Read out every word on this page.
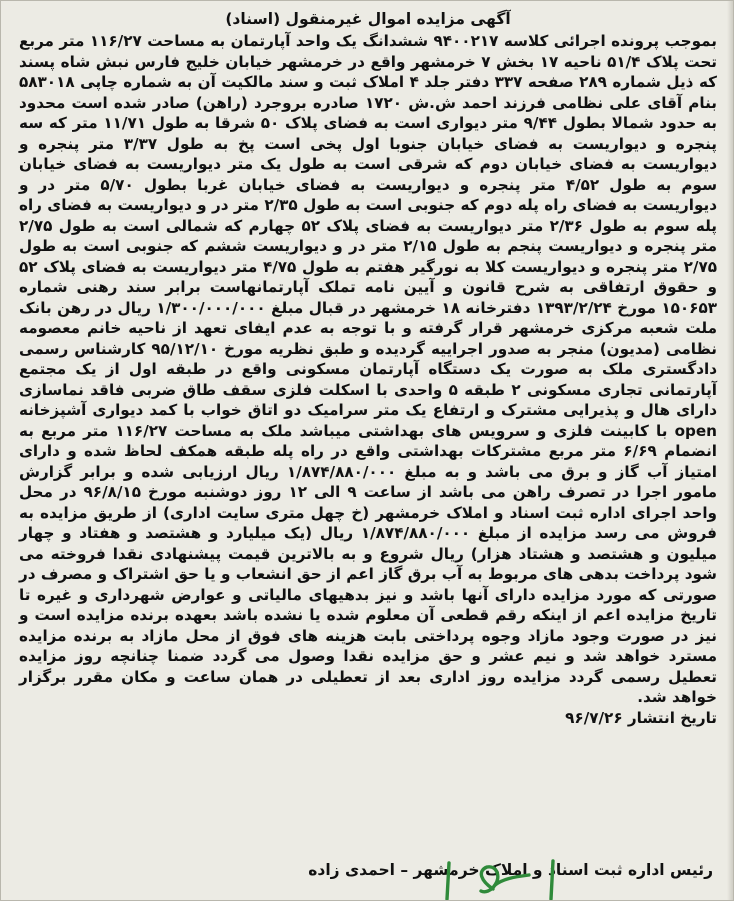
آگهی مزایده اموال غیرمنقول (اسناد)

بموجب پرونده اجرائی کلاسه ۹۴۰۰۲۱۷ ششدانگ یک واحد آپارتمان به مساحت ۱۱۶/۲۷ متر مربع تحت پلاک ۵۱/۴ ناحیه ۱۷ بخش ۷ خرمشهر واقع در خرمشهر خیابان خلیج فارس نبش شاه پسند که ذیل شماره ۲۸۹ صفحه ۳۳۷ دفتر جلد ۴ املاک ثبت و سند مالکیت آن به شماره چاپی ۵۸۳۰۱۸ بنام آقای علی نظامی فرزند احمد ش.ش ۱۷۲۰ صادره بروجرد (راهن) صادر شده است محدود به حدود شمالا بطول ۹/۴۴ متر دیواری است به فضای پلاک ۵۰ شرقا به طول ۱۱/۷۱ متر که سه پنجره و دیواریست به فضای خیابان جنوبا اول پخی است پخ به طول ۳/۳۷ متر پنجره و دیواریست به فضای خیابان دوم که شرقی است به طول یک متر دیواریست به فضای خیابان سوم به طول ۴/۵۲ متر پنجره و دیواریست به فضای خیابان غربا بطول ۵/۷۰ متر در و دیواریست به فضای راه پله دوم که جنوبی است به طول ۲/۳۵ متر در و دیواریست به فضای راه پله سوم به طول ۲/۳۶ متر دیواریست به فضای پلاک ۵۲ چهارم که شمالی است به طول ۲/۷۵ متر پنجره و دیواریست پنجم به طول ۲/۱۵ متر در و دیواریست ششم که جنوبی است به طول ۲/۷۵ متر پنجره و دیواریست کلا به نورگیر هفتم به طول ۴/۷۵ متر دیواریست به فضای پلاک ۵۲ و حقوق ارتفاقی به شرح قانون و آیین نامه تملک آپارتمانهاست برابر سند رهنی شماره ۱۵۰۶۵۳ مورخ ۱۳۹۳/۲/۲۴ دفترخانه ۱۸ خرمشهر در قبال مبلغ ۱/۳۰۰/۰۰۰/۰۰۰ ریال در رهن بانک ملت شعبه مرکزی خرمشهر قرار گرفته و با توجه به عدم ایفای تعهد از ناحیه خانم معصومه نظامی (مدیون) منجر به صدور اجراییه گردیده و طبق نظریه مورخ ۹۵/۱۲/۱۰ کارشناس رسمی دادگستری ملک به صورت یک دستگاه آپارتمان مسکونی واقع در طبقه اول از یک مجتمع آپارتمانی تجاری مسکونی ۲ طبقه ۵ واحدی با اسکلت فلزی سقف طاق ضربی فاقد نماسازی دارای هال و پذیرایی مشترک و ارتفاع یک متر سرامیک دو اتاق خواب با کمد دیواری آشپزخانه open با کابینت فلزی و سرویس های بهداشتی میباشد ملک به مساحت ۱۱۶/۲۷ متر مربع به انضمام ۶/۶۹ متر مربع مشترکات بهداشتی واقع در راه پله طبقه همکف لحاظ شده و دارای امتیاز آب گاز و برق می باشد و به مبلغ ۱/۸۷۴/۸۸۰/۰۰۰ ریال ارزیابی شده و برابر گزارش مامور اجرا در تصرف راهن می باشد از ساعت ۹ الی ۱۲ روز دوشنبه مورخ ۹۶/۸/۱۵ در محل واحد اجرای اداره ثبت اسناد و املاک خرمشهر (خ چهل متری سایت اداری) از طریق مزایده به فروش می رسد مزایده از مبلغ ۱/۸۷۴/۸۸۰/۰۰۰ ریال (یک میلیارد و هشتصد و هفتاد و چهار میلیون و هشتصد و هشتاد هزار) ریال شروع و به بالاترین قیمت پیشنهادی نقدا فروخته می شود پرداخت بدهی های مربوط به آب برق گاز اعم از حق انشعاب و یا حق اشتراک و مصرف در صورتی که مورد مزایده دارای آنها باشد و نیز بدهیهای مالیاتی و عوارض شهرداری و غیره تا تاریخ مزایده اعم از اینکه رقم قطعی آن معلوم شده یا نشده باشد بعهده برنده مزایده است و نیز در صورت وجود مازاد وجوه پرداختی بابت هزینه های فوق از محل مازاد به برنده مزایده مسترد خواهد شد و نیم عشر و حق مزایده نقدا وصول می گردد ضمنا چنانچه روز مزایده تعطیل رسمی گردد مزایده روز اداری بعد از تعطیلی در همان ساعت و مکان مقرر برگزار خواهد شد.

تاریخ انتشار ۹۶/۷/۲۶

رئیس اداره ثبت اسناد و املاک خرمشهر – احمدی زاده
